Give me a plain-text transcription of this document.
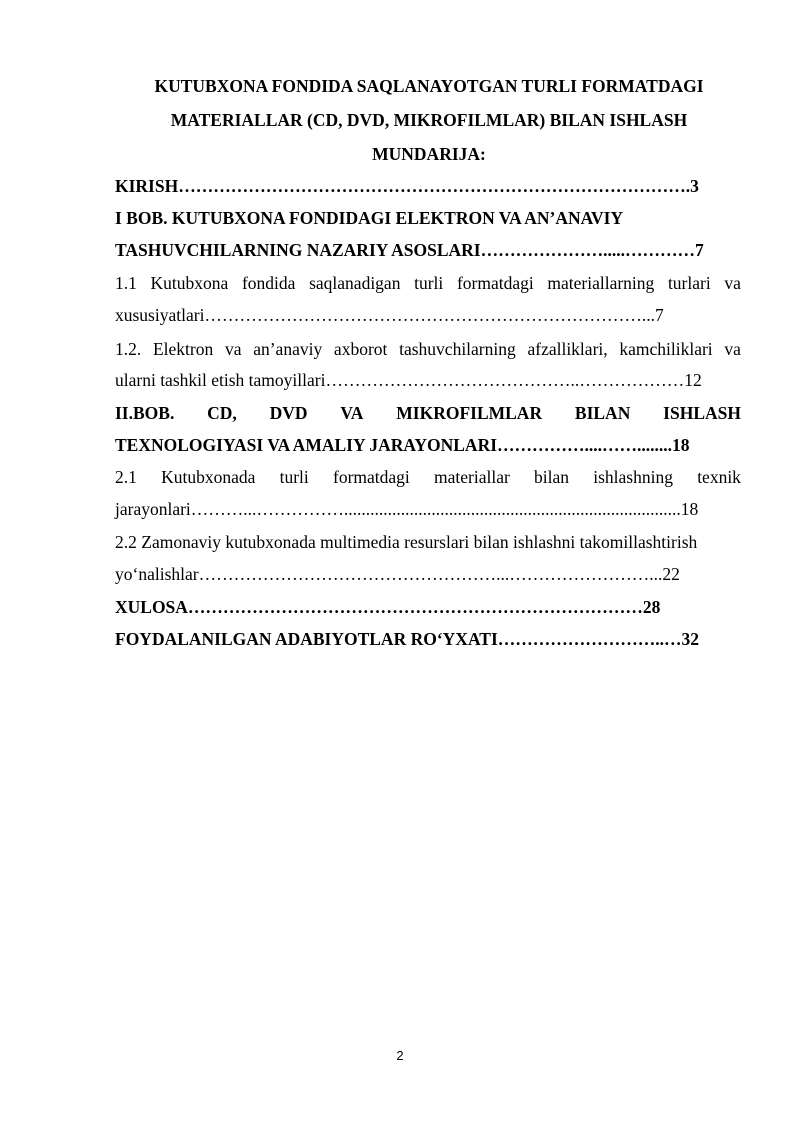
KUTUBXONA FONDIDA SAQLANAYOTGAN TURLI FORMATDAGI
MATERIALLAR (CD, DVD, MIKROFILMLAR) BILAN ISHLASH
MUNDARIJA:
KIRISH…………………………………………………………………………….3
I BOB. KUTUBXONA FONDIDAGI ELEKTRON VA AN’ANAVIY
TASHUVCHILARNING NAZARIY ASOSLARI………………….....…………7
1.1 Kutubxona fondida saqlanadigan turli formatdagi materiallarning turlari va
xususiyatlari…………………………………………………………………...7
1.2. Elektron va an’anaviy axborot tashuvchilarning afzalliklari, kamchiliklari va
ularni tashkil etish tamoyillari……………………………………..………………12
II.BOB. CD, DVD VA MIKROFILMLAR BILAN ISHLASH
TEXNOLOGIYASI VA AMALIY JARAYONLARI……………....……........18
2.1 Kutubxonada turli formatdagi materiallar bilan ishlashning texnik
jarayonlari………...…………….............................................................................18
2.2 Zamonaviy kutubxonada multimedia resurslari bilan ishlashni takomillashtirish
yo‘nalishlar……………………………………………...……………………...22
XULOSA……………………………………………………………………28
FOYDALANILGAN ADABIYOTLAR RO‘YXATI………………………..…32
2
